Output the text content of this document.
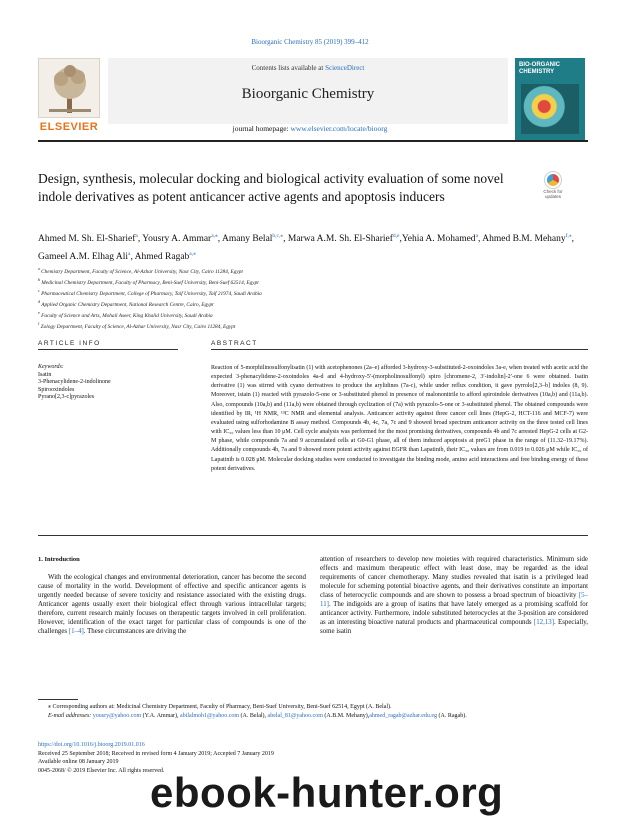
Bioorganic Chemistry 85 (2019) 399–412
ELSEVIER
Contents lists available at ScienceDirect
Bioorganic Chemistry
BIO-ORGANIC CHEMISTRY
journal homepage: www.elsevier.com/locate/bioorg
Design, synthesis, molecular docking and biological activity evaluation of some novel indole derivatives as potent anticancer active agents and apoptosis inducers	Check for updates
Ahmed M. Sh. El-Sharief$^a$, Yousry A. Ammar$^{a,⁎}$, Amany Belal$^{b,c,⁎}$, Marwa A.M. Sh. El-Sharief$^{d,e}$,Yehia A. Mohamed$^a$, Ahmed B.M. Mehany$^{f,⁎}$, Gameel A.M. Elhag Ali$^a$, Ahmed Ragab$^{a,⁎}$
$^a$ Chemistry Department, Faculty of Science, Al-Azhar University, Nasr City, Cairo 11284, Egypt
$^b$ Medicinal Chemistry Department, Faculty of Pharmacy, Beni-Suef University, Beni-Suef 62514, Egypt
$^c$ Pharmaceutical Chemistry Department, College of Pharmacy, Taif University, Taif 21974, Saudi Arabia
$^d$ Applied Organic Chemistry Department, National Research Centre, Cairo, Egypt
$^e$ Faculty of Science and Arts, Mohail Aseer, King Khalid University, Saudi Arabia
$^f$ Zology Department, Faculty of Science, Al-Azhar University, Nasr City, Cairo 11284, Egypt
ARTICLE INFO	ABSTRACT
Keywords:
Isatin
3-Phenacylidene-2-indolinone
Spirooxindoles
Pyrano[2,3-c]pyrazoles
Reaction of 5-morphilinosulfonylisatin (1) with acetophenones (2a–e) afforded 3-hydroxy-3-substituted-2-oxoindoles 3a-e, when treated with acetic acid the expected 3-phenacylidene-2-oxoindoles 4a-d and 4-hydroxy-5′-(morpholinosulfonyl) spiro [chromene-2, 3′-indolin]-2′-one 6 were obtained. Isatin derivative (1) was stirred with cyano derivatives to produce the arylidines (7a-c), while under reflux condition, it gave pyrrolo[2,3–b] indoles (8, 9). Moreover, istain (1) reacted with pyrazolo-5-one or 3-substituted phenol in presence of malononitrile to afford spiroindole derivatives (10a,b) and (11a,b). Also, compounds (10a,b) and (11a,b) were obtained through cyclization of (7a) with pyrazolo-5-one or 3-substituted phenol. The obtained compounds were identified by IR, ¹H NMR, ¹³C NMR and elemental analysis. Anticancer activity against three cancer cell lines (HepG-2, HCT-116 and MCF-7) were evaluated using sulforhodamine B assay method. Compounds 4b, 4c, 7a, 7c and 9 showed broad spectrum anticancer activity on the three tested cell lines with IC₅₀ values less than 10 μM. Cell cycle analysis was performed for the most promising derivatives, compounds 4b and 7c arrested HepG-2 cells at G2-M phase, while compounds 7a and 9 accumulated cells at G0-G1 phase, all of them induced apoptosis at preG1 phase in the range of (11.32–19.17%). Additionally compounds 4b, 7a and 9 showed more potent activity against EGFR than Lapatinib, their IC₅₀ values are from 0.019 to 0.026 μM while IC₅₀ of Lapatinib is 0.028 μM. Molecular docking studies were conducted to investigate the binding mode, amino acid interactions and free binding energy of these potent derivatives.
1. Introduction
With the ecological changes and environmental deterioration, cancer has become the second cause of mortality in the world. Development of effective and specific anticancer agents is urgently needed because of severe toxicity and resistance associated with the existing drugs. Anticancer agents usually exert their biological effect through various intracellular targets; therefore, current research mainly focuses on therapeutic targets involved in cell proliferation. However, identification of the exact target for particular class of compounds is one of the challenges [1–4]. These circumstances are driving the
attention of researchers to develop new moieties with required characteristics. Minimum side effects and maximum therapeutic effect with least dose, may be regarded as the ideal requirements of cancer chemotherapy. Many studies revealed that isatin is a privileged lead molecule for scheming potential bioactive agents, and their derivatives constitute an important class of heterocyclic compounds and are shown to possess a broad spectrum of bioactivity [5–11]. The indigoids are a group of isatins that have lately emerged as a promising scaffold for anticancer activity. Furthermore, indole substituted heterocycles at the 3-position are considered as an interesting bioactive natural products and pharmaceutical compounds [12,13]. Especially, some isatin
⁎ Corresponding authors at: Medicinal Chemistry Department, Faculty of Pharmacy, Beni-Suef University, Beni-Suef 62514, Egypt (A. Belal).
E-mail addresses: yousry@yahoo.com (Y.A. Ammar), abilalmoh1@yahoo.com (A. Belal), abelal_81@yahoo.com (A.B.M. Mehany),ahmed_ragab@azhar.edu.eg (A. Ragab).
https://doi.org/10.1016/j.bioorg.2019.01.016
Received 25 September 2018; Received in revised form 4 January 2019; Accepted 7 January 2019
Available online 08 January 2019
0045-2068/ © 2019 Elsevier Inc. All rights reserved.
ebook-hunter.org
